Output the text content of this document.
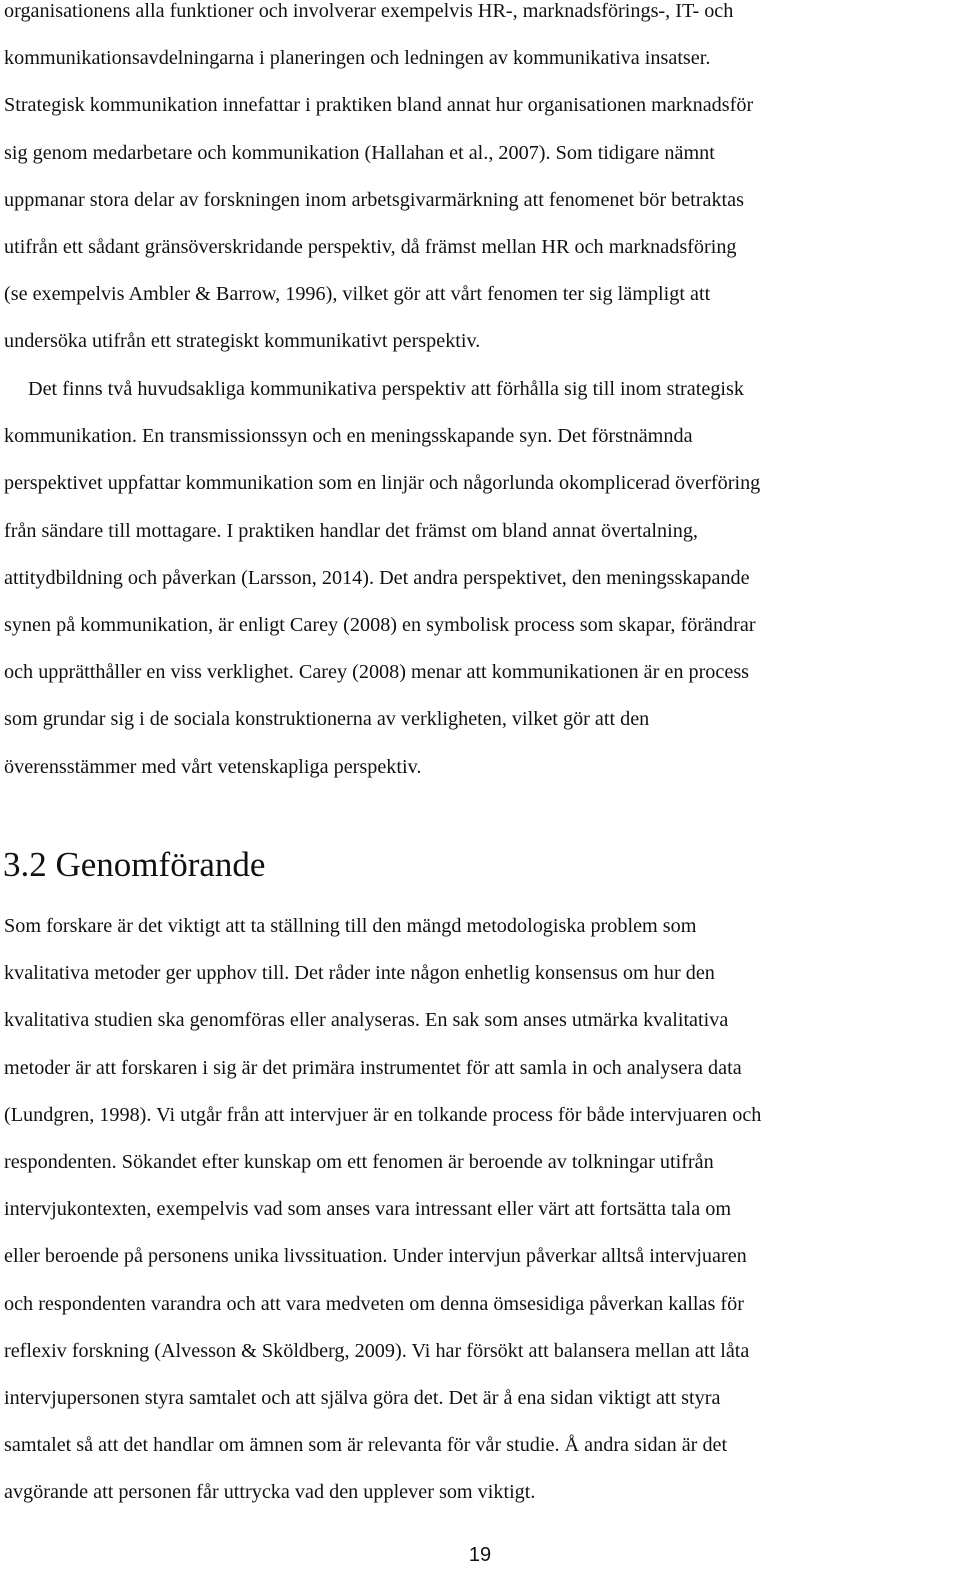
organisationens alla funktioner och involverar exempelvis HR-, marknadsförings-, IT- och
kommunikationsavdelningarna i planeringen och ledningen av kommunikativa insatser.
Strategisk kommunikation innefattar i praktiken bland annat hur organisationen marknadsför
sig genom medarbetare och kommunikation (Hallahan et al., 2007). Som tidigare nämnt
uppmanar stora delar av forskningen inom arbetsgivarmärkning att fenomenet bör betraktas
utifrån ett sådant gränsöverskridande perspektiv, då främst mellan HR och marknadsföring
(se exempelvis Ambler & Barrow, 1996), vilket gör att vårt fenomen ter sig lämpligt att
undersöka utifrån ett strategiskt kommunikativt perspektiv.
Det finns två huvudsakliga kommunikativa perspektiv att förhålla sig till inom strategisk
kommunikation. En transmissionssyn och en meningsskapande syn. Det förstnämnda
perspektivet uppfattar kommunikation som en linjär och någorlunda okomplicerad överföring
från sändare till mottagare. I praktiken handlar det främst om bland annat övertalning,
attitydbildning och påverkan (Larsson, 2014). Det andra perspektivet, den meningsskapande
synen på kommunikation, är enligt Carey (2008) en symbolisk process som skapar, förändrar
och upprätthåller en viss verklighet. Carey (2008) menar att kommunikationen är en process
som grundar sig i de sociala konstruktionerna av verkligheten, vilket gör att den
överensstämmer med vårt vetenskapliga perspektiv.
3.2 Genomförande
Som forskare är det viktigt att ta ställning till den mängd metodologiska problem som
kvalitativa metoder ger upphov till. Det råder inte någon enhetlig konsensus om hur den
kvalitativa studien ska genomföras eller analyseras. En sak som anses utmärka kvalitativa
metoder är att forskaren i sig är det primära instrumentet för att samla in och analysera data
(Lundgren, 1998). Vi utgår från att intervjuer är en tolkande process för både intervjuaren och
respondenten. Sökandet efter kunskap om ett fenomen är beroende av tolkningar utifrån
intervjukontexten, exempelvis vad som anses vara intressant eller värt att fortsätta tala om
eller beroende på personens unika livssituation. Under intervjun påverkar alltså intervjuaren
och respondenten varandra och att vara medveten om denna ömsesidiga påverkan kallas för
reflexiv forskning (Alvesson & Sköldberg, 2009). Vi har försökt att balansera mellan att låta
intervjupersonen styra samtalet och att själva göra det. Det är å ena sidan viktigt att styra
samtalet så att det handlar om ämnen som är relevanta för vår studie. Å andra sidan är det
avgörande att personen får uttrycka vad den upplever som viktigt.
19
